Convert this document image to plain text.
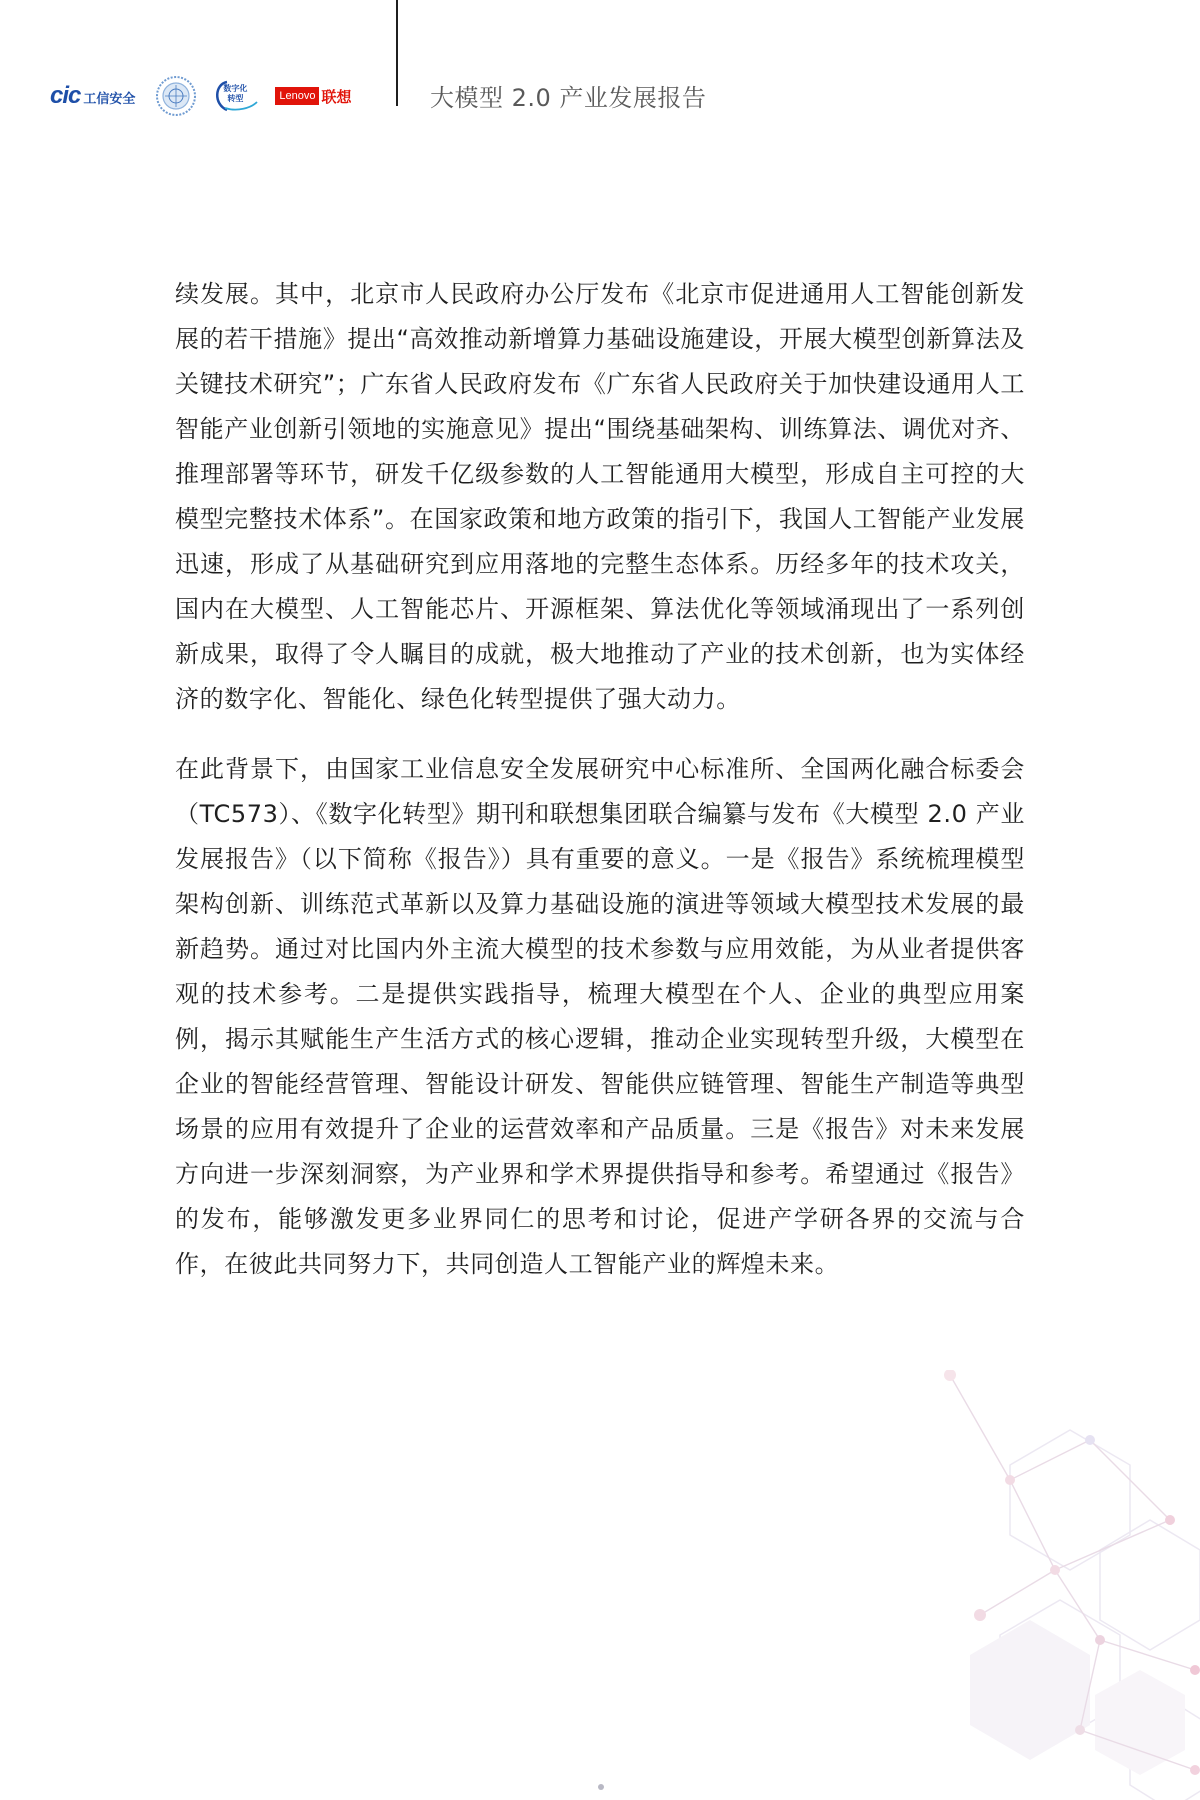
cic 工信安全
数字化
转型	Lenovo 联想	大模型 2.0 产业发展报告

续发展。其中，北京市人民政府办公厅发布《北京市促进通用人工智能创新发展的若干措施》提出“高效推动新增算力基础设施建设，开展大模型创新算法及关键技术研究”；广东省人民政府发布《广东省人民政府关于加快建设通用人工智能产业创新引领地的实施意见》提出“围绕基础架构、训练算法、调优对齐、推理部署等环节，研发千亿级参数的人工智能通用大模型，形成自主可控的大模型完整技术体系”。在国家政策和地方政策的指引下，我国人工智能产业发展迅速，形成了从基础研究到应用落地的完整生态体系。历经多年的技术攻关，国内在大模型、人工智能芯片、开源框架、算法优化等领域涌现出了一系列创新成果，取得了令人瞩目的成就，极大地推动了产业的技术创新，也为实体经济的数字化、智能化、绿色化转型提供了强大动力。

在此背景下，由国家工业信息安全发展研究中心标准所、全国两化融合标委会（TC573）、《数字化转型》期刊和联想集团联合编纂与发布《大模型 2.0 产业发展报告》（以下简称《报告》）具有重要的意义。一是《报告》系统梳理模型架构创新、训练范式革新以及算力基础设施的演进等领域大模型技术发展的最新趋势。通过对比国内外主流大模型的技术参数与应用效能，为从业者提供客观的技术参考。二是提供实践指导，梳理大模型在个人、企业的典型应用案例，揭示其赋能生产生活方式的核心逻辑，推动企业实现转型升级，大模型在企业的智能经营管理、智能设计研发、智能供应链管理、智能生产制造等典型场景的应用有效提升了企业的运营效率和产品质量。三是《报告》对未来发展方向进一步深刻洞察，为产业界和学术界提供指导和参考。希望通过《报告》的发布，能够激发更多业界同仁的思考和讨论，促进产学研各界的交流与合作，在彼此共同努力下，共同创造人工智能产业的辉煌未来。
